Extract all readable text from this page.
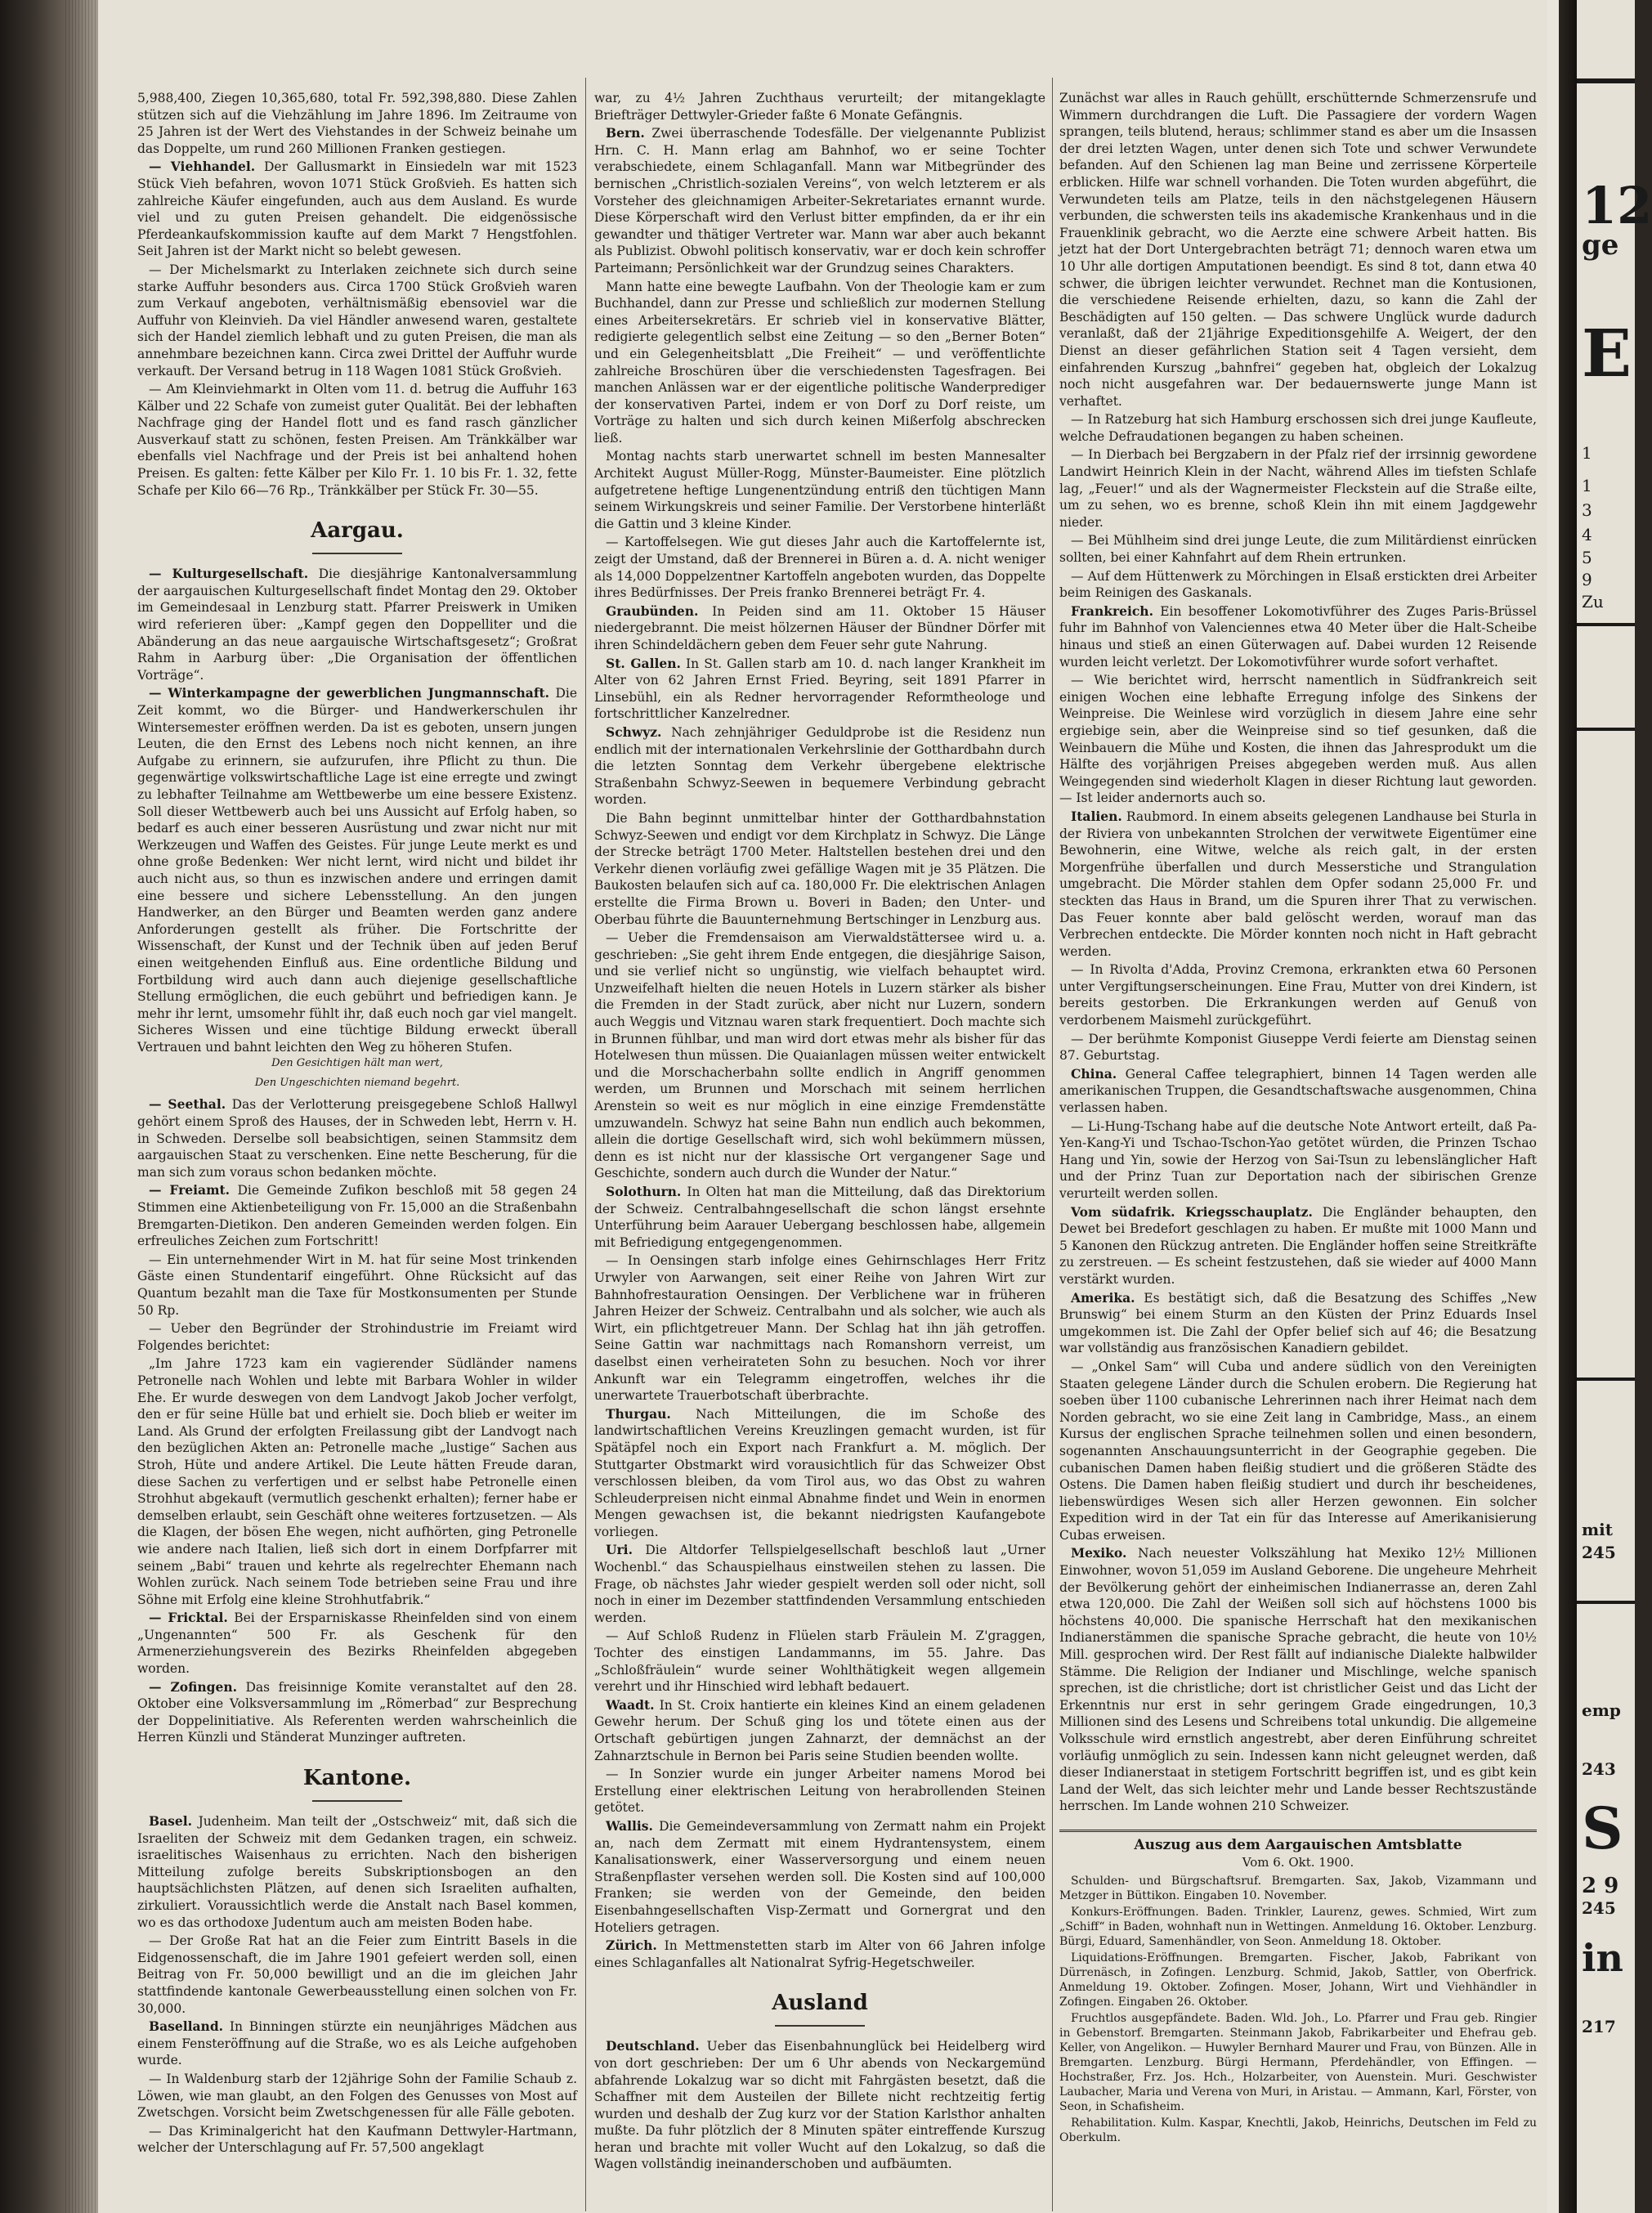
5,988,400, Ziegen 10,365,680, total Fr. 592,398,880. Diese Zahlen stützen sich auf die Viehzählung im Jahre 1896. Im Zeitraume von 25 Jahren ist der Wert des Viehstandes in der Schweiz beinahe um das Doppelte, um rund 260 Millionen Franken gestiegen.

— Viehhandel. Der Gallusmarkt in Einsiedeln war mit 1523 Stück Vieh befahren, wovon 1071 Stück Großvieh. Es hatten sich zahlreiche Käufer eingefunden, auch aus dem Ausland. Es wurde viel und zu guten Preisen gehandelt. Die eidgenössische Pferdeankaufskommission kaufte auf dem Markt 7 Hengstfohlen. Seit Jahren ist der Markt nicht so belebt gewesen.

— Der Michelsmarkt zu Interlaken zeichnete sich durch seine starke Auffuhr besonders aus. Circa 1700 Stück Großvieh waren zum Verkauf angeboten, verhältnismäßig ebensoviel war die Auffuhr von Kleinvieh. Da viel Händler anwesend waren, gestaltete sich der Handel ziemlich lebhaft und zu guten Preisen, die man als annehmbare bezeichnen kann. Circa zwei Drittel der Auffuhr wurde verkauft. Der Versand betrug in 118 Wagen 1081 Stück Großvieh.

— Am Kleinviehmarkt in Olten vom 11. d. betrug die Auffuhr 163 Kälber und 22 Schafe von zumeist guter Qualität. Bei der lebhaften Nachfrage ging der Handel flott und es fand rasch gänzlicher Ausverkauf statt zu schönen, festen Preisen. Am Tränkkälber war ebenfalls viel Nachfrage und der Preis ist bei anhaltend hohen Preisen. Es galten: fette Kälber per Kilo Fr. 1. 10 bis Fr. 1. 32, fette Schafe per Kilo 66—76 Rp., Tränkkälber per Stück Fr. 30—55.

Aargau.

— Kulturgesellschaft. Die diesjährige Kantonalversammlung der aargauischen Kulturgesellschaft findet Montag den 29. Oktober im Gemeindesaal in Lenzburg statt. Pfarrer Preiswerk in Umiken wird referieren über: „Kampf gegen den Doppelliter und die Abänderung an das neue aargauische Wirtschaftsgesetz“; Großrat Rahm in Aarburg über: „Die Organisation der öffentlichen Vorträge“.

— Winterkampagne der gewerblichen Jungmannschaft. Die Zeit kommt, wo die Bürger- und Handwerkerschulen ihr Wintersemester eröffnen werden. Da ist es geboten, unsern jungen Leuten, die den Ernst des Lebens noch nicht kennen, an ihre Aufgabe zu erinnern, sie aufzurufen, ihre Pflicht zu thun. Die gegenwärtige volkswirtschaftliche Lage ist eine erregte und zwingt zu lebhafter Teilnahme am Wettbewerbe um eine bessere Existenz. Soll dieser Wettbewerb auch bei uns Aussicht auf Erfolg haben, so bedarf es auch einer besseren Ausrüstung und zwar nicht nur mit Werkzeugen und Waffen des Geistes. Für junge Leute merkt es und ohne große Bedenken: Wer nicht lernt, wird nicht und bildet ihr auch nicht aus, so thun es inzwischen andere und erringen damit eine bessere und sichere Lebensstellung. An den jungen Handwerker, an den Bürger und Beamten werden ganz andere Anforderungen gestellt als früher. Die Fortschritte der Wissenschaft, der Kunst und der Technik üben auf jeden Beruf einen weitgehenden Einfluß aus. Eine ordentliche Bildung und Fortbildung wird auch dann auch diejenige gesellschaftliche Stellung ermöglichen, die euch gebührt und befriedigen kann. Je mehr ihr lernt, umsomehr fühlt ihr, daß euch noch gar viel mangelt. Sicheres Wissen und eine tüchtige Bildung erweckt überall Vertrauen und bahnt leichten den Weg zu höheren Stufen.

Den Gesichtigen hält man wert,
Den Ungeschichten niemand begehrt.

— Seethal. Das der Verlotterung preisgegebene Schloß Hallwyl gehört einem Sproß des Hauses, der in Schweden lebt, Herrn v. H. in Schweden. Derselbe soll beabsichtigen, seinen Stammsitz dem aargauischen Staat zu verschenken. Eine nette Bescherung, für die man sich zum voraus schon bedanken möchte.

— Freiamt. Die Gemeinde Zufikon beschloß mit 58 gegen 24 Stimmen eine Aktienbeteiligung von Fr. 15,000 an die Straßenbahn Bremgarten-Dietikon. Den anderen Gemeinden werden folgen. Ein erfreuliches Zeichen zum Fortschritt!

— Ein unternehmender Wirt in M. hat für seine Most trinkenden Gäste einen Stundentarif eingeführt. Ohne Rücksicht auf das Quantum bezahlt man die Taxe für Mostkonsumenten per Stunde 50 Rp.

— Ueber den Begründer der Strohindustrie im Freiamt wird Folgendes berichtet:

„Im Jahre 1723 kam ein vagierender Südländer namens Petronelle nach Wohlen und lebte mit Barbara Wohler in wilder Ehe. Er wurde deswegen von dem Landvogt Jakob Jocher verfolgt, den er für seine Hülle bat und erhielt sie. Doch blieb er weiter im Land. Als Grund der erfolgten Freilassung gibt der Landvogt nach den bezüglichen Akten an: Petronelle mache „lustige“ Sachen aus Stroh, Hüte und andere Artikel. Die Leute hätten Freude daran, diese Sachen zu verfertigen und er selbst habe Petronelle einen Strohhut abgekauft (vermutlich geschenkt erhalten); ferner habe er demselben erlaubt, sein Geschäft ohne weiteres fortzusetzen. — Als die Klagen, der bösen Ehe wegen, nicht aufhörten, ging Petronelle wie andere nach Italien, ließ sich dort in einem Dorfpfarrer mit seinem „Babi“ trauen und kehrte als regelrechter Ehemann nach Wohlen zurück. Nach seinem Tode betrieben seine Frau und ihre Söhne mit Erfolg eine kleine Strohhutfabrik.“

— Fricktal. Bei der Ersparniskasse Rheinfelden sind von einem „Ungenannten“ 500 Fr. als Geschenk für den Armenerziehungsverein des Bezirks Rheinfelden abgegeben worden.

— Zofingen. Das freisinnige Komite veranstaltet auf den 28. Oktober eine Volksversammlung im „Römerbad“ zur Besprechung der Doppelinitiative. Als Referenten werden wahrscheinlich die Herren Künzli und Ständerat Munzinger auftreten.

Kantone.

Basel. Judenheim. Man teilt der „Ostschweiz“ mit, daß sich die Israeliten der Schweiz mit dem Gedanken tragen, ein schweiz. israelitisches Waisenhaus zu errichten. Nach den bisherigen Mitteilung zufolge bereits Subskriptionsbogen an den hauptsächlichsten Plätzen, auf denen sich Israeliten aufhalten, zirkuliert. Voraussichtlich werde die Anstalt nach Basel kommen, wo es das orthodoxe Judentum auch am meisten Boden habe.

— Der Große Rat hat an die Feier zum Eintritt Basels in die Eidgenossenschaft, die im Jahre 1901 gefeiert werden soll, einen Beitrag von Fr. 50,000 bewilligt und an die im gleichen Jahr stattfindende kantonale Gewerbeausstellung einen solchen von Fr. 30,000.

Baselland. In Binningen stürzte ein neunjähriges Mädchen aus einem Fensteröffnung auf die Straße, wo es als Leiche aufgehoben wurde.

— In Waldenburg starb der 12jährige Sohn der Familie Schaub z. Löwen, wie man glaubt, an den Folgen des Genusses von Most auf Zwetschgen. Vorsicht beim Zwetschgenessen für alle Fälle geboten.

— Das Kriminalgericht hat den Kaufmann Dettwyler-Hartmann, welcher der Unterschlagung auf Fr. 57,500 angeklagt

war, zu 4½ Jahren Zuchthaus verurteilt; der mitangeklagte Briefträger Dettwyler-Grieder faßte 6 Monate Gefängnis.

Bern. Zwei überraschende Todesfälle. Der vielgenannte Publizist Hrn. C. H. Mann erlag am Bahnhof, wo er seine Tochter verabschiedete, einem Schlaganfall. Mann war Mitbegründer des bernischen „Christlich-sozialen Vereins“, von welch letzterem er als Vorsteher des gleichnamigen Arbeiter-Sekretariates ernannt wurde. Diese Körperschaft wird den Verlust bitter empfinden, da er ihr ein gewandter und thätiger Vertreter war. Mann war aber auch bekannt als Publizist. Obwohl politisch konservativ, war er doch kein schroffer Parteimann; Persönlichkeit war der Grundzug seines Charakters.

Mann hatte eine bewegte Laufbahn. Von der Theologie kam er zum Buchhandel, dann zur Presse und schließlich zur modernen Stellung eines Arbeitersekretärs. Er schrieb viel in konservative Blätter, redigierte gelegentlich selbst eine Zeitung — so den „Berner Boten“ und ein Gelegenheitsblatt „Die Freiheit“ — und veröffentlichte zahlreiche Broschüren über die verschiedensten Tagesfragen. Bei manchen Anlässen war er der eigentliche politische Wanderprediger der konservativen Partei, indem er von Dorf zu Dorf reiste, um Vorträge zu halten und sich durch keinen Mißerfolg abschrecken ließ.

Montag nachts starb unerwartet schnell im besten Mannesalter Architekt August Müller-Rogg, Münster-Baumeister. Eine plötzlich aufgetretene heftige Lungenentzündung entriß den tüchtigen Mann seinem Wirkungskreis und seiner Familie. Der Verstorbene hinterläßt die Gattin und 3 kleine Kinder.

— Kartoffelsegen. Wie gut dieses Jahr auch die Kartoffelernte ist, zeigt der Umstand, daß der Brennerei in Büren a. d. A. nicht weniger als 14,000 Doppelzentner Kartoffeln angeboten wurden, das Doppelte ihres Bedürfnisses. Der Preis franko Brennerei beträgt Fr. 4.

Graubünden. In Peiden sind am 11. Oktober 15 Häuser niedergebrannt. Die meist hölzernen Häuser der Bündner Dörfer mit ihren Schindeldächern geben dem Feuer sehr gute Nahrung.

St. Gallen. In St. Gallen starb am 10. d. nach langer Krankheit im Alter von 62 Jahren Ernst Fried. Beyring, seit 1891 Pfarrer in Linsebühl, ein als Redner hervorragender Reformtheologe und fortschrittlicher Kanzelredner.

Schwyz. Nach zehnjähriger Geduldprobe ist die Residenz nun endlich mit der internationalen Verkehrslinie der Gotthardbahn durch die letzten Sonntag dem Verkehr übergebene elektrische Straßenbahn Schwyz-Seewen in bequemere Verbindung gebracht worden.

Die Bahn beginnt unmittelbar hinter der Gotthardbahnstation Schwyz-Seewen und endigt vor dem Kirchplatz in Schwyz. Die Länge der Strecke beträgt 1700 Meter. Haltstellen bestehen drei und den Verkehr dienen vorläufig zwei gefällige Wagen mit je 35 Plätzen. Die Baukosten belaufen sich auf ca. 180,000 Fr. Die elektrischen Anlagen erstellte die Firma Brown u. Boveri in Baden; den Unter- und Oberbau führte die Bauunternehmung Bertschinger in Lenzburg aus.

— Ueber die Fremdensaison am Vierwaldstättersee wird u. a. geschrieben: „Sie geht ihrem Ende entgegen, die diesjährige Saison, und sie verlief nicht so ungünstig, wie vielfach behauptet wird. Unzweifelhaft hielten die neuen Hotels in Luzern stärker als bisher die Fremden in der Stadt zurück, aber nicht nur Luzern, sondern auch Weggis und Vitznau waren stark frequentiert. Doch machte sich in Brunnen fühlbar, und man wird dort etwas mehr als bisher für das Hotelwesen thun müssen. Die Quaianlagen müssen weiter entwickelt und die Morschacherbahn sollte endlich in Angriff genommen werden, um Brunnen und Morschach mit seinem herrlichen Arenstein so weit es nur möglich in eine einzige Fremdenstätte umzuwandeln. Schwyz hat seine Bahn nun endlich auch bekommen, allein die dortige Gesellschaft wird, sich wohl bekümmern müssen, denn es ist nicht nur der klassische Ort vergangener Sage und Geschichte, sondern auch durch die Wunder der Natur.“

Solothurn. In Olten hat man die Mitteilung, daß das Direktorium der Schweiz. Centralbahngesellschaft die schon längst ersehnte Unterführung beim Aarauer Uebergang beschlossen habe, allgemein mit Befriedigung entgegengenommen.

— In Oensingen starb infolge eines Gehirnschlages Herr Fritz Urwyler von Aarwangen, seit einer Reihe von Jahren Wirt zur Bahnhofrestauration Oensingen. Der Verblichene war in früheren Jahren Heizer der Schweiz. Centralbahn und als solcher, wie auch als Wirt, ein pflichtgetreuer Mann. Der Schlag hat ihn jäh getroffen. Seine Gattin war nachmittags nach Romanshorn verreist, um daselbst einen verheirateten Sohn zu besuchen. Noch vor ihrer Ankunft war ein Telegramm eingetroffen, welches ihr die unerwartete Trauerbotschaft überbrachte.

Thurgau. Nach Mitteilungen, die im Schoße des landwirtschaftlichen Vereins Kreuzlingen gemacht wurden, ist für Spätäpfel noch ein Export nach Frankfurt a. M. möglich. Der Stuttgarter Obstmarkt wird vorausichtlich für das Schweizer Obst verschlossen bleiben, da vom Tirol aus, wo das Obst zu wahren Schleuderpreisen nicht einmal Abnahme findet und Wein in enormen Mengen gewachsen ist, die bekannt niedrigsten Kaufangebote vorliegen.

Uri. Die Altdorfer Tellspielgesellschaft beschloß laut „Urner Wochenbl.“ das Schauspielhaus einstweilen stehen zu lassen. Die Frage, ob nächstes Jahr wieder gespielt werden soll oder nicht, soll noch in einer im Dezember stattfindenden Versammlung entschieden werden.

— Auf Schloß Rudenz in Flüelen starb Fräulein M. Z'graggen, Tochter des einstigen Landammanns, im 55. Jahre. Das „Schloßfräulein“ wurde seiner Wohlthätigkeit wegen allgemein verehrt und ihr Hinschied wird lebhaft bedauert.

Waadt. In St. Croix hantierte ein kleines Kind an einem geladenen Gewehr herum. Der Schuß ging los und tötete einen aus der Ortschaft gebürtigen jungen Zahnarzt, der demnächst an der Zahnarztschule in Bernon bei Paris seine Studien beenden wollte.

— In Sonzier wurde ein junger Arbeiter namens Morod bei Erstellung einer elektrischen Leitung von herabrollenden Steinen getötet.

Wallis. Die Gemeindeversammlung von Zermatt nahm ein Projekt an, nach dem Zermatt mit einem Hydrantensystem, einem Kanalisationswerk, einer Wasserversorgung und einem neuen Straßenpflaster versehen werden soll. Die Kosten sind auf 100,000 Franken; sie werden von der Gemeinde, den beiden Eisenbahngesellschaften Visp-Zermatt und Gornergrat und den Hoteliers getragen.

Zürich. In Mettmenstetten starb im Alter von 66 Jahren infolge eines Schlaganfalles alt Nationalrat Syfrig-Hegetschweiler.

Ausland

Deutschland. Ueber das Eisenbahnunglück bei Heidelberg wird von dort geschrieben: Der um 6 Uhr abends von Neckargemünd abfahrende Lokalzug war so dicht mit Fahrgästen besetzt, daß die Schaffner mit dem Austeilen der Billete nicht rechtzeitig fertig wurden und deshalb der Zug kurz vor der Station Karlsthor anhalten mußte. Da fuhr plötzlich der 8 Minuten später eintreffende Kurszug heran und brachte mit voller Wucht auf den Lokalzug, so daß die Wagen vollständig ineinanderschoben und aufbäumten.

Zunächst war alles in Rauch gehüllt, erschütternde Schmerzensrufe und Wimmern durchdrangen die Luft. Die Passagiere der vordern Wagen sprangen, teils blutend, heraus; schlimmer stand es aber um die Insassen der drei letzten Wagen, unter denen sich Tote und schwer Verwundete befanden. Auf den Schienen lag man Beine und zerrissene Körperteile erblicken. Hilfe war schnell vorhanden. Die Toten wurden abgeführt, die Verwundeten teils am Platze, teils in den nächstgelegenen Häusern verbunden, die schwersten teils ins akademische Krankenhaus und in die Frauenklinik gebracht, wo die Aerzte eine schwere Arbeit hatten. Bis jetzt hat der Dort Untergebrachten beträgt 71; dennoch waren etwa um 10 Uhr alle dortigen Amputationen beendigt. Es sind 8 tot, dann etwa 40 schwer, die übrigen leichter verwundet. Rechnet man die Kontusionen, die verschiedene Reisende erhielten, dazu, so kann die Zahl der Beschädigten auf 150 gelten. — Das schwere Unglück wurde dadurch veranlaßt, daß der 21jährige Expeditionsgehilfe A. Weigert, der den Dienst an dieser gefährlichen Station seit 4 Tagen versieht, dem einfahrenden Kurszug „bahnfrei“ gegeben hat, obgleich der Lokalzug noch nicht ausgefahren war. Der bedauernswerte junge Mann ist verhaftet.

— In Ratzeburg hat sich Hamburg erschossen sich drei junge Kaufleute, welche Defraudationen begangen zu haben scheinen.

— In Dierbach bei Bergzabern in der Pfalz rief der irrsinnig gewordene Landwirt Heinrich Klein in der Nacht, während Alles im tiefsten Schlafe lag, „Feuer!“ und als der Wagnermeister Fleckstein auf die Straße eilte, um zu sehen, wo es brenne, schoß Klein ihn mit einem Jagdgewehr nieder.

— Bei Mühlheim sind drei junge Leute, die zum Militärdienst einrücken sollten, bei einer Kahnfahrt auf dem Rhein ertrunken.

— Auf dem Hüttenwerk zu Mörchingen in Elsaß erstickten drei Arbeiter beim Reinigen des Gaskanals.

Frankreich. Ein besoffener Lokomotivführer des Zuges Paris-Brüssel fuhr im Bahnhof von Valenciennes etwa 40 Meter über die Halt-Scheibe hinaus und stieß an einen Güterwagen auf. Dabei wurden 12 Reisende wurden leicht verletzt. Der Lokomotivführer wurde sofort verhaftet.

— Wie berichtet wird, herrscht namentlich in Südfrankreich seit einigen Wochen eine lebhafte Erregung infolge des Sinkens der Weinpreise. Die Weinlese wird vorzüglich in diesem Jahre eine sehr ergiebige sein, aber die Weinpreise sind so tief gesunken, daß die Weinbauern die Mühe und Kosten, die ihnen das Jahresprodukt um die Hälfte des vorjährigen Preises abgegeben werden muß. Aus allen Weingegenden sind wiederholt Klagen in dieser Richtung laut geworden. — Ist leider andernorts auch so.

Italien. Raubmord. In einem abseits gelegenen Landhause bei Sturla in der Riviera von unbekannten Strolchen der verwitwete Eigentümer eine Bewohnerin, eine Witwe, welche als reich galt, in der ersten Morgenfrühe überfallen und durch Messerstiche und Strangulation umgebracht. Die Mörder stahlen dem Opfer sodann 25,000 Fr. und steckten das Haus in Brand, um die Spuren ihrer That zu verwischen. Das Feuer konnte aber bald gelöscht werden, worauf man das Verbrechen entdeckte. Die Mörder konnten noch nicht in Haft gebracht werden.

— In Rivolta d'Adda, Provinz Cremona, erkrankten etwa 60 Personen unter Vergiftungserscheinungen. Eine Frau, Mutter von drei Kindern, ist bereits gestorben. Die Erkrankungen werden auf Genuß von verdorbenem Maismehl zurückgeführt.

— Der berühmte Komponist Giuseppe Verdi feierte am Dienstag seinen 87. Geburtstag.

China. General Caffee telegraphiert, binnen 14 Tagen werden alle amerikanischen Truppen, die Gesandtschaftswache ausgenommen, China verlassen haben.

— Li-Hung-Tschang habe auf die deutsche Note Antwort erteilt, daß Pa-Yen-Kang-Yi und Tschao-Tschon-Yao getötet würden, die Prinzen Tschao Hang und Yin, sowie der Herzog von Sai-Tsun zu lebenslänglicher Haft und der Prinz Tuan zur Deportation nach der sibirischen Grenze verurteilt werden sollen.

Vom südafrik. Kriegsschauplatz. Die Engländer behaupten, den Dewet bei Bredefort geschlagen zu haben. Er mußte mit 1000 Mann und 5 Kanonen den Rückzug antreten. Die Engländer hoffen seine Streitkräfte zu zerstreuen. — Es scheint festzustehen, daß sie wieder auf 4000 Mann verstärkt wurden.

Amerika. Es bestätigt sich, daß die Besatzung des Schiffes „New Brunswig“ bei einem Sturm an den Küsten der Prinz Eduards Insel umgekommen ist. Die Zahl der Opfer belief sich auf 46; die Besatzung war vollständig aus französischen Kanadiern gebildet.

— „Onkel Sam“ will Cuba und andere südlich von den Vereinigten Staaten gelegene Länder durch die Schulen erobern. Die Regierung hat soeben über 1100 cubanische Lehrerinnen nach ihrer Heimat nach dem Norden gebracht, wo sie eine Zeit lang in Cambridge, Mass., an einem Kursus der englischen Sprache teilnehmen sollen und einen besondern, sogenannten Anschauungsunterricht in der Geographie gegeben. Die cubanischen Damen haben fleißig studiert und die größeren Städte des Ostens. Die Damen haben fleißig studiert und durch ihr bescheidenes, liebenswürdiges Wesen sich aller Herzen gewonnen. Ein solcher Expedition wird in der Tat ein für das Interesse auf Amerikanisierung Cubas erweisen.

Mexiko. Nach neuester Volkszählung hat Mexiko 12½ Millionen Einwohner, wovon 51,059 im Ausland Geborene. Die ungeheure Mehrheit der Bevölkerung gehört der einheimischen Indianerrasse an, deren Zahl etwa 120,000. Die Zahl der Weißen soll sich auf höchstens 1000 bis höchstens 40,000. Die spanische Herrschaft hat den mexikanischen Indianerstämmen die spanische Sprache gebracht, die heute von 10½ Mill. gesprochen wird. Der Rest fällt auf indianische Dialekte halbwilder Stämme. Die Religion der Indianer und Mischlinge, welche spanisch sprechen, ist die christliche; dort ist christlicher Geist und das Licht der Erkenntnis nur erst in sehr geringem Grade eingedrungen, 10,3 Millionen sind des Lesens und Schreibens total unkundig. Die allgemeine Volksschule wird ernstlich angestrebt, aber deren Einführung schreitet vorläufig unmöglich zu sein. Indessen kann nicht geleugnet werden, daß dieser Indianerstaat in stetigem Fortschritt begriffen ist, und es gibt kein Land der Welt, das sich leichter mehr und Lande besser Rechtszustände herrschen. Im Lande wohnen 210 Schweizer.

Auszug aus dem Aargauischen Amtsblatte
Vom 6. Okt. 1900.

Schulden- und Bürgschaftsruf. Bremgarten. Sax, Jakob, Vizammann und Metzger in Büttikon. Eingaben 10. November.

Konkurs-Eröffnungen. Baden. Trinkler, Laurenz, gewes. Schmied, Wirt zum „Schiff“ in Baden, wohnhaft nun in Wettingen. Anmeldung 16. Oktober. Lenzburg. Bürgi, Eduard, Samenhändler, von Seon. Anmeldung 18. Oktober.

Liquidations-Eröffnungen. Bremgarten. Fischer, Jakob, Fabrikant von Dürrenäsch, in Zofingen. Lenzburg. Schmid, Jakob, Sattler, von Oberfrick. Anmeldung 19. Oktober. Zofingen. Moser, Johann, Wirt und Viehhändler in Zofingen. Eingaben 26. Oktober.

Fruchtlos ausgepfändete. Baden. Wld. Joh., Lo. Pfarrer und Frau geb. Ringier in Gebenstorf. Bremgarten. Steinmann Jakob, Fabrikarbeiter und Ehefrau geb. Keller, von Angelikon. — Huwyler Bernhard Maurer und Frau, von Bünzen. Alle in Bremgarten. Lenzburg. Bürgi Hermann, Pferdehändler, von Effingen. — Hochstraßer, Frz. Jos. Hch., Holzarbeiter, von Auenstein. Muri. Geschwister Laubacher, Maria und Verena von Muri, in Aristau. — Ammann, Karl, Förster, von Seon, in Schafisheim.

Rehabilitation. Kulm. Kaspar, Knechtli, Jakob, Heinrichs, Deutschen im Feld zu Oberkulm.

12
ge
E
1
1
3
4
5
9
Zu
mit
245
emp
243
S
2 9
245
in
217
